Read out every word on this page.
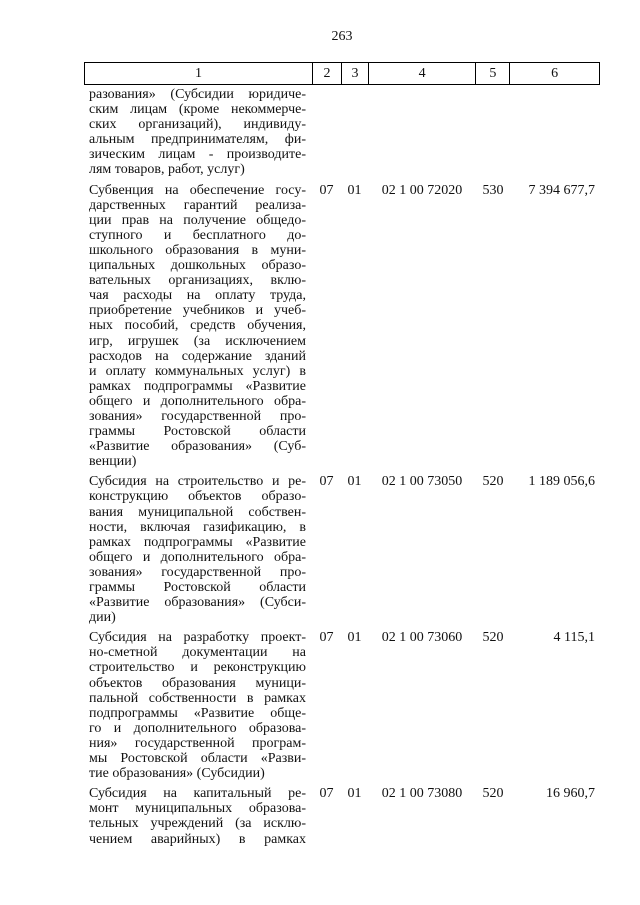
263
1	2	3	4	5	6
разования» (Субсидии юридиче-
ским лицам (кроме некоммерче-
ских организаций), индивиду-
альным предпринимателям, фи-
зическим лицам - производите-
лям товаров, работ, услуг)
Субвенция на обеспечение госу-
дарственных гарантий реализа-
ции прав на получение общедо-
ступного и бесплатного до-
школьного образования в муни-
ципальных дошкольных образо-
вательных организациях, вклю-
чая расходы на оплату труда,
приобретение учебников и учеб-
ных пособий, средств обучения,
игр, игрушек (за исключением
расходов на содержание зданий
и оплату коммунальных услуг) в
рамках подпрограммы «Развитие
общего и дополнительного обра-
зования» государственной про-
граммы Ростовской области
«Развитие образования» (Суб-
венции)
07	01	02 1 00 72020	530	7 394 677,7
Субсидия на строительство и ре-
конструкцию объектов образо-
вания муниципальной собствен-
ности, включая газификацию, в
рамках подпрограммы «Развитие
общего и дополнительного обра-
зования» государственной про-
граммы Ростовской области
«Развитие образования» (Субси-
дии)
07	01	02 1 00 73050	520	1 189 056,6
Субсидия на разработку проект-
но-сметной документации на
строительство и реконструкцию
объектов образования муници-
пальной собственности в рамках
подпрограммы «Развитие обще-
го и дополнительного образова-
ния» государственной програм-
мы Ростовской области «Разви-
тие образования» (Субсидии)
07	01	02 1 00 73060	520	4 115,1
Субсидия на капитальный ре-
монт муниципальных образова-
тельных учреждений (за исклю-
чением аварийных) в рамках
07	01	02 1 00 73080	520	16 960,7
